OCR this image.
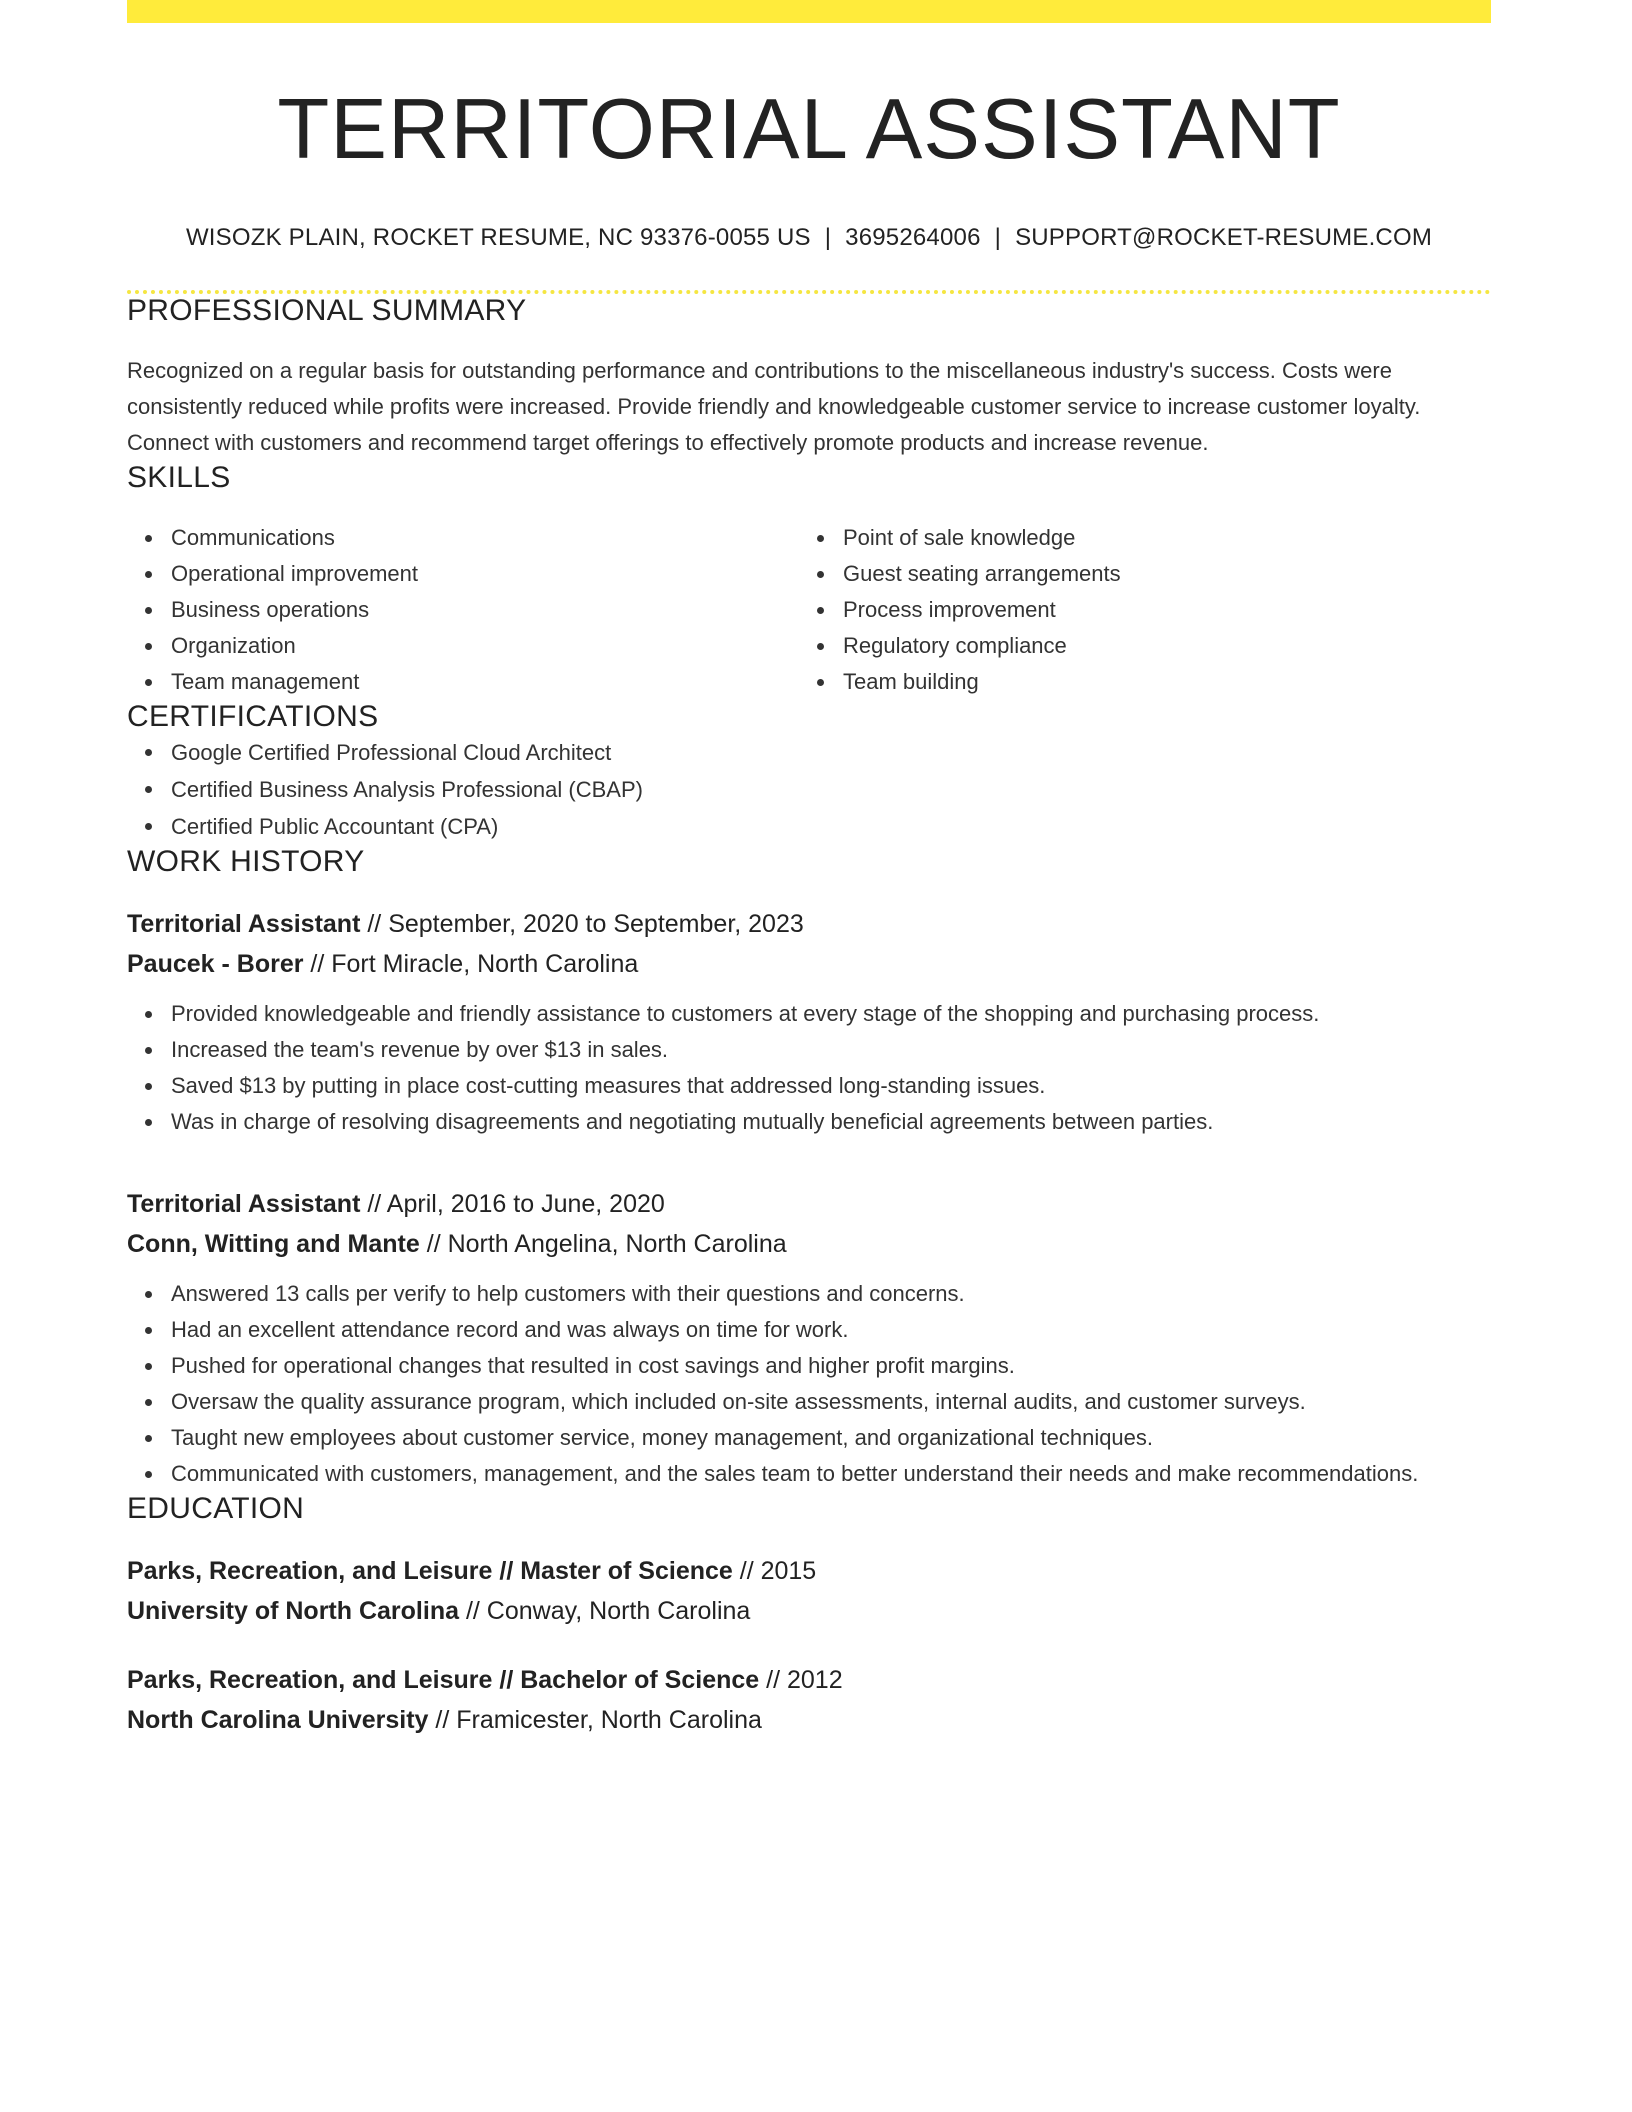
TERRITORIAL ASSISTANT
WISOZK PLAIN, ROCKET RESUME, NC 93376-0055 US | 3695264006 | SUPPORT@ROCKET-RESUME.COM
PROFESSIONAL SUMMARY
Recognized on a regular basis for outstanding performance and contributions to the miscellaneous industry's success. Costs were consistently reduced while profits were increased. Provide friendly and knowledgeable customer service to increase customer loyalty. Connect with customers and recommend target offerings to effectively promote products and increase revenue.
SKILLS
Communications
Operational improvement
Business operations
Organization
Team management
Point of sale knowledge
Guest seating arrangements
Process improvement
Regulatory compliance
Team building
CERTIFICATIONS
Google Certified Professional Cloud Architect
Certified Business Analysis Professional (CBAP)
Certified Public Accountant (CPA)
WORK HISTORY
Territorial Assistant // September, 2020 to September, 2023
Paucek - Borer // Fort Miracle, North Carolina
Provided knowledgeable and friendly assistance to customers at every stage of the shopping and purchasing process.
Increased the team's revenue by over $13 in sales.
Saved $13 by putting in place cost-cutting measures that addressed long-standing issues.
Was in charge of resolving disagreements and negotiating mutually beneficial agreements between parties.
Territorial Assistant // April, 2016 to June, 2020
Conn, Witting and Mante // North Angelina, North Carolina
Answered 13 calls per verify to help customers with their questions and concerns.
Had an excellent attendance record and was always on time for work.
Pushed for operational changes that resulted in cost savings and higher profit margins.
Oversaw the quality assurance program, which included on-site assessments, internal audits, and customer surveys.
Taught new employees about customer service, money management, and organizational techniques.
Communicated with customers, management, and the sales team to better understand their needs and make recommendations.
EDUCATION
Parks, Recreation, and Leisure // Master of Science // 2015
University of North Carolina // Conway, North Carolina
Parks, Recreation, and Leisure // Bachelor of Science // 2012
North Carolina University // Framicester, North Carolina
